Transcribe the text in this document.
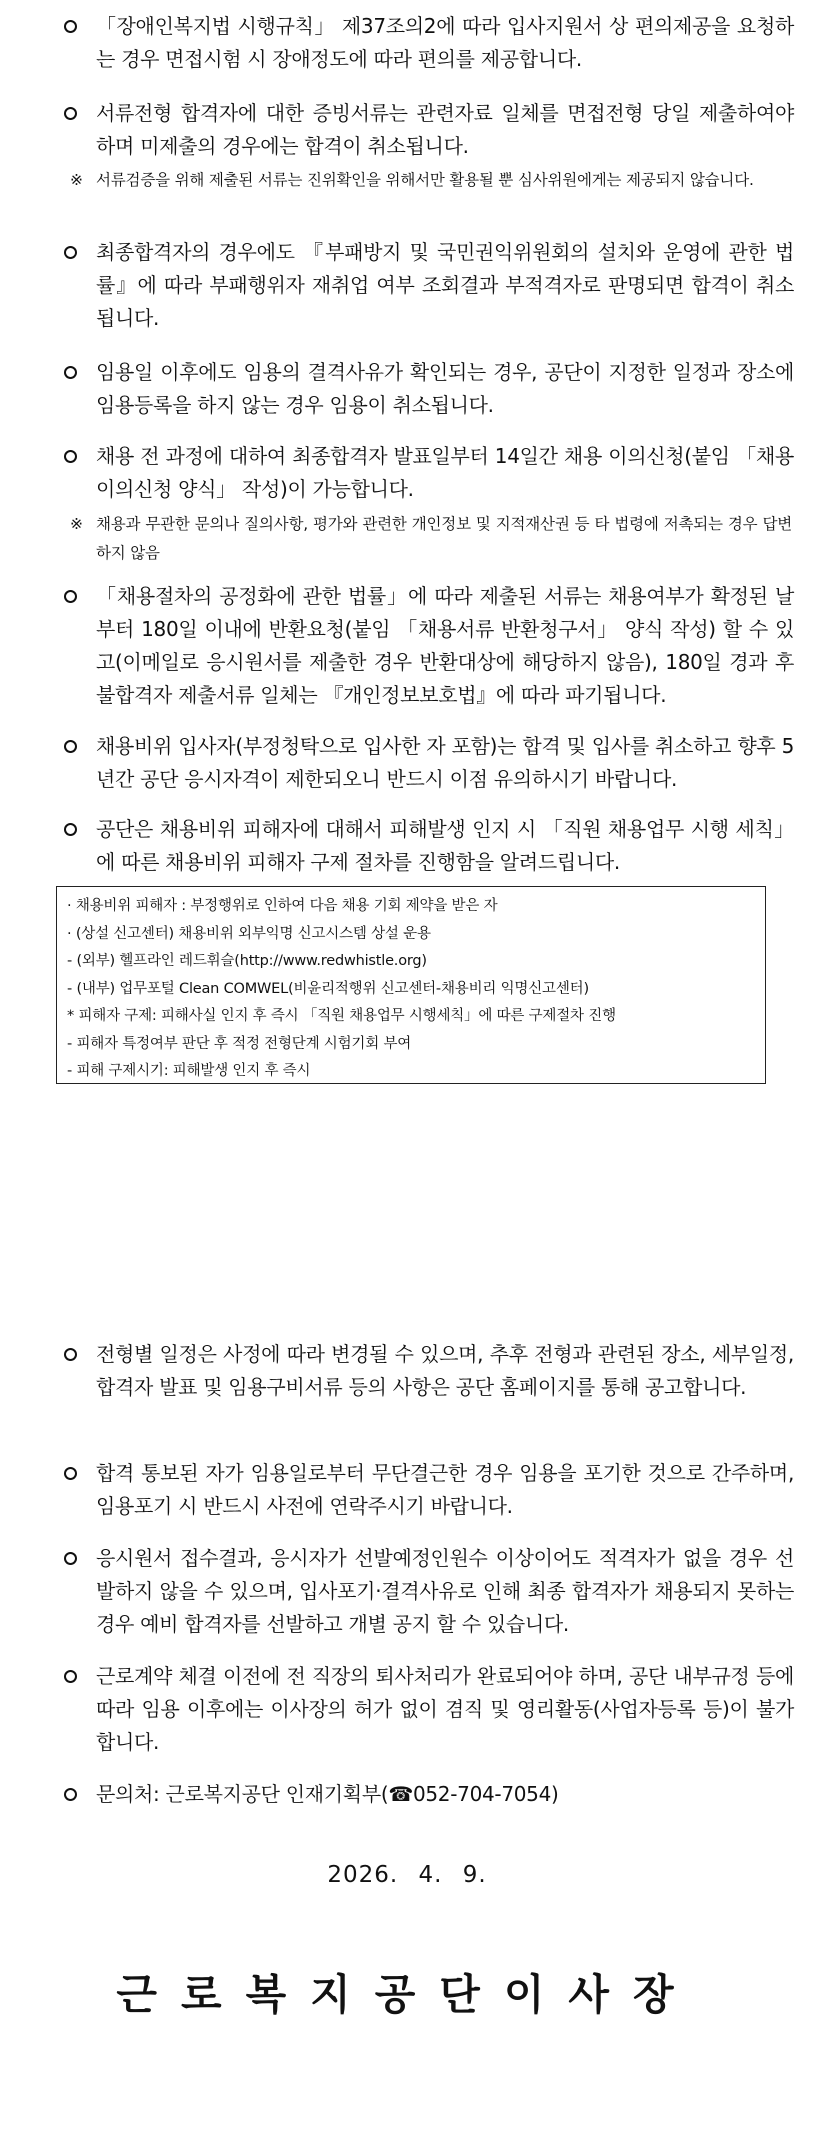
「장애인복지법 시행규칙」 제37조의2에 따라 입사지원서 상 편의제공을 요청하는 경우 면접시험 시 장애정도에 따라 편의를 제공합니다.
서류전형 합격자에 대한 증빙서류는 관련자료 일체를 면접전형 당일 제출하여야 하며 미제출의 경우에는 합격이 취소됩니다.
※ 서류검증을 위해 제출된 서류는 진위확인을 위해서만 활용될 뿐 심사위원에게는 제공되지 않습니다.
최종합격자의 경우에도 『부패방지 및 국민권익위원회의 설치와 운영에 관한 법률』에 따라 부패행위자 재취업 여부 조회결과 부적격자로 판명되면 합격이 취소됩니다.
임용일 이후에도 임용의 결격사유가 확인되는 경우, 공단이 지정한 일정과 장소에 임용등록을 하지 않는 경우 임용이 취소됩니다.
채용 전 과정에 대하여 최종합격자 발표일부터 14일간 채용 이의신청(붙임 「채용 이의신청 양식」 작성)이 가능합니다.
※ 채용과 무관한 문의나 질의사항, 평가와 관련한 개인정보 및 지적재산권 등 타 법령에 저촉되는 경우 답변하지 않음
「채용절차의 공정화에 관한 법률」에 따라 제출된 서류는 채용여부가 확정된 날부터 180일 이내에 반환요청(붙임 「채용서류 반환청구서」 양식 작성) 할 수 있고(이메일로 응시원서를 제출한 경우 반환대상에 해당하지 않음), 180일 경과 후 불합격자 제출서류 일체는 『개인정보보호법』에 따라 파기됩니다.
채용비위 입사자(부정청탁으로 입사한 자 포함)는 합격 및 입사를 취소하고 향후 5년간 공단 응시자격이 제한되오니 반드시 이점 유의하시기 바랍니다.
공단은 채용비위 피해자에 대해서 피해발생 인지 시 「직원 채용업무 시행 세칙」에 따른 채용비위 피해자 구제 절차를 진행함을 알려드립니다.
· 채용비위 피해자 : 부정행위로 인하여 다음 채용 기회 제약을 받은 자
· (상설 신고센터) 채용비위 외부익명 신고시스템 상설 운용
- (외부) 헬프라인 레드휘슬(http://www.redwhistle.org)
- (내부) 업무포털 Clean COMWEL(비윤리적행위 신고센터-채용비리 익명신고센터)
* 피해자 구제: 피해사실 인지 후 즉시 「직원 채용업무 시행세칙」에 따른 구제절차 진행
- 피해자 특정여부 판단 후 적정 전형단계 시험기회 부여
- 피해 구제시기: 피해발생 인지 후 즉시
전형별 일정은 사정에 따라 변경될 수 있으며, 추후 전형과 관련된 장소, 세부일정, 합격자 발표 및 임용구비서류 등의 사항은 공단 홈페이지를 통해 공고합니다.
합격 통보된 자가 임용일로부터 무단결근한 경우 임용을 포기한 것으로 간주하며, 임용포기 시 반드시 사전에 연락주시기 바랍니다.
응시원서 접수결과, 응시자가 선발예정인원수 이상이어도 적격자가 없을 경우 선발하지 않을 수 있으며, 입사포기·결격사유로 인해 최종 합격자가 채용되지 못하는 경우 예비 합격자를 선발하고 개별 공지 할 수 있습니다.
근로계약 체결 이전에 전 직장의 퇴사처리가 완료되어야 하며, 공단 내부규정 등에 따라 임용 이후에는 이사장의 허가 없이 겸직 및 영리활동(사업자등록 등)이 불가합니다.
문의처: 근로복지공단 인재기획부(☎052-704-7054)
2026. 4. 9.
근로복지공단이사장
